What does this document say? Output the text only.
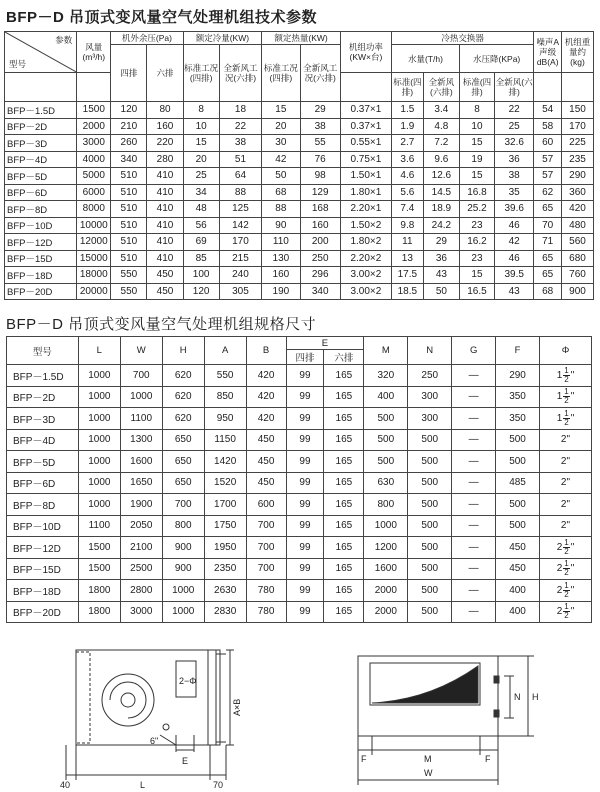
BFP－D 吊顶式变风量空气处理机组技术参数
参数
型号	风量(m³/h)	机外余压(Pa)		额定冷量(KW)		额定热量(KW)		机组功率(KW×台)	冷热交换器				噪声A声级dB(A)	机组重量约(kg)
		四排	六排	标准工况(四排)	全新风工况(六排)	标准工况(四排)	全新风工况(六排)		水量(T/h)		水压降(KPa)			
									标准(四排)	全新风(六排)	标准(四排)	全新风(六排)		
BFP－1.5D	1500	120	80	8	18	15	29	0.37×1	1.5	3.4	8	22	54	150
BFP－2D	2000	210	160	10	22	20	38	0.37×1	1.9	4.8	10	25	58	170
BFP－3D	3000	260	220	15	38	30	55	0.55×1	2.7	7.2	15	32.6	60	225
BFP－4D	4000	340	280	20	51	42	76	0.75×1	3.6	9.6	19	36	57	235
BFP－5D	5000	510	410	25	64	50	98	1.50×1	4.6	12.6	15	38	57	290
BFP－6D	6000	510	410	34	88	68	129	1.80×1	5.6	14.5	16.8	35	62	360
BFP－8D	8000	510	410	48	125	88	168	2.20×1	7.4	18.9	25.2	39.6	65	420
BFP－10D	10000	510	410	56	142	90	160	1.50×2	9.8	24.2	23	46	70	480
BFP－12D	12000	510	410	69	170	110	200	1.80×2	11	29	16.2	42	71	560
BFP－15D	15000	510	410	85	215	130	250	2.20×2	13	36	23	46	65	680
BFP－18D	18000	550	450	100	240	160	296	3.00×2	17.5	43	15	39.5	65	760
BFP－20D	20000	550	450	120	305	190	340	3.00×2	18.5	50	16.5	43	68	900
BFP－D 吊顶式变风量空气处理机组规格尺寸
型号	L	W	H	A	B	E		M	N	G	F	Φ
						四排	六排					
BFP－1.5D	1000	700	620	550	420	99	165	320	250	—	290	1 1
2 "

BFP－2D	1000	1000	620	850	420	99	165	400	300	—	350	1 1
2 "

BFP－3D	1000	1100	620	950	420	99	165	500	300	—	350	1 1
2 "

BFP－4D	1000	1300	650	1150	450	99	165	500	500	—	500	2"

BFP－5D	1000	1600	650	1420	450	99	165	500	500	—	500	2"

BFP－6D	1000	1650	650	1520	450	99	165	630	500	—	485	2"

BFP－8D	1000	1900	700	1700	600	99	165	800	500	—	500	2"

BFP－10D	1100	2050	800	1750	700	99	165	1000	500	—	500	2"

BFP－12D	1500	2100	900	1950	700	99	165	1200	500	—	450	2 1
2 "

BFP－15D	1500	2500	900	2350	700	99	165	1600	500	—	450	2 1
2 "

BFP－18D	1800	2800	1000	2630	780	99	165	2000	500	—	400	2 1
2 "

BFP－20D	1800	3000	1000	2830	780	99	165	2000	500	—	400	2 1
2 "
A×B
2−Φ
6"
E
40	L	70
N H
F	M	F
W
